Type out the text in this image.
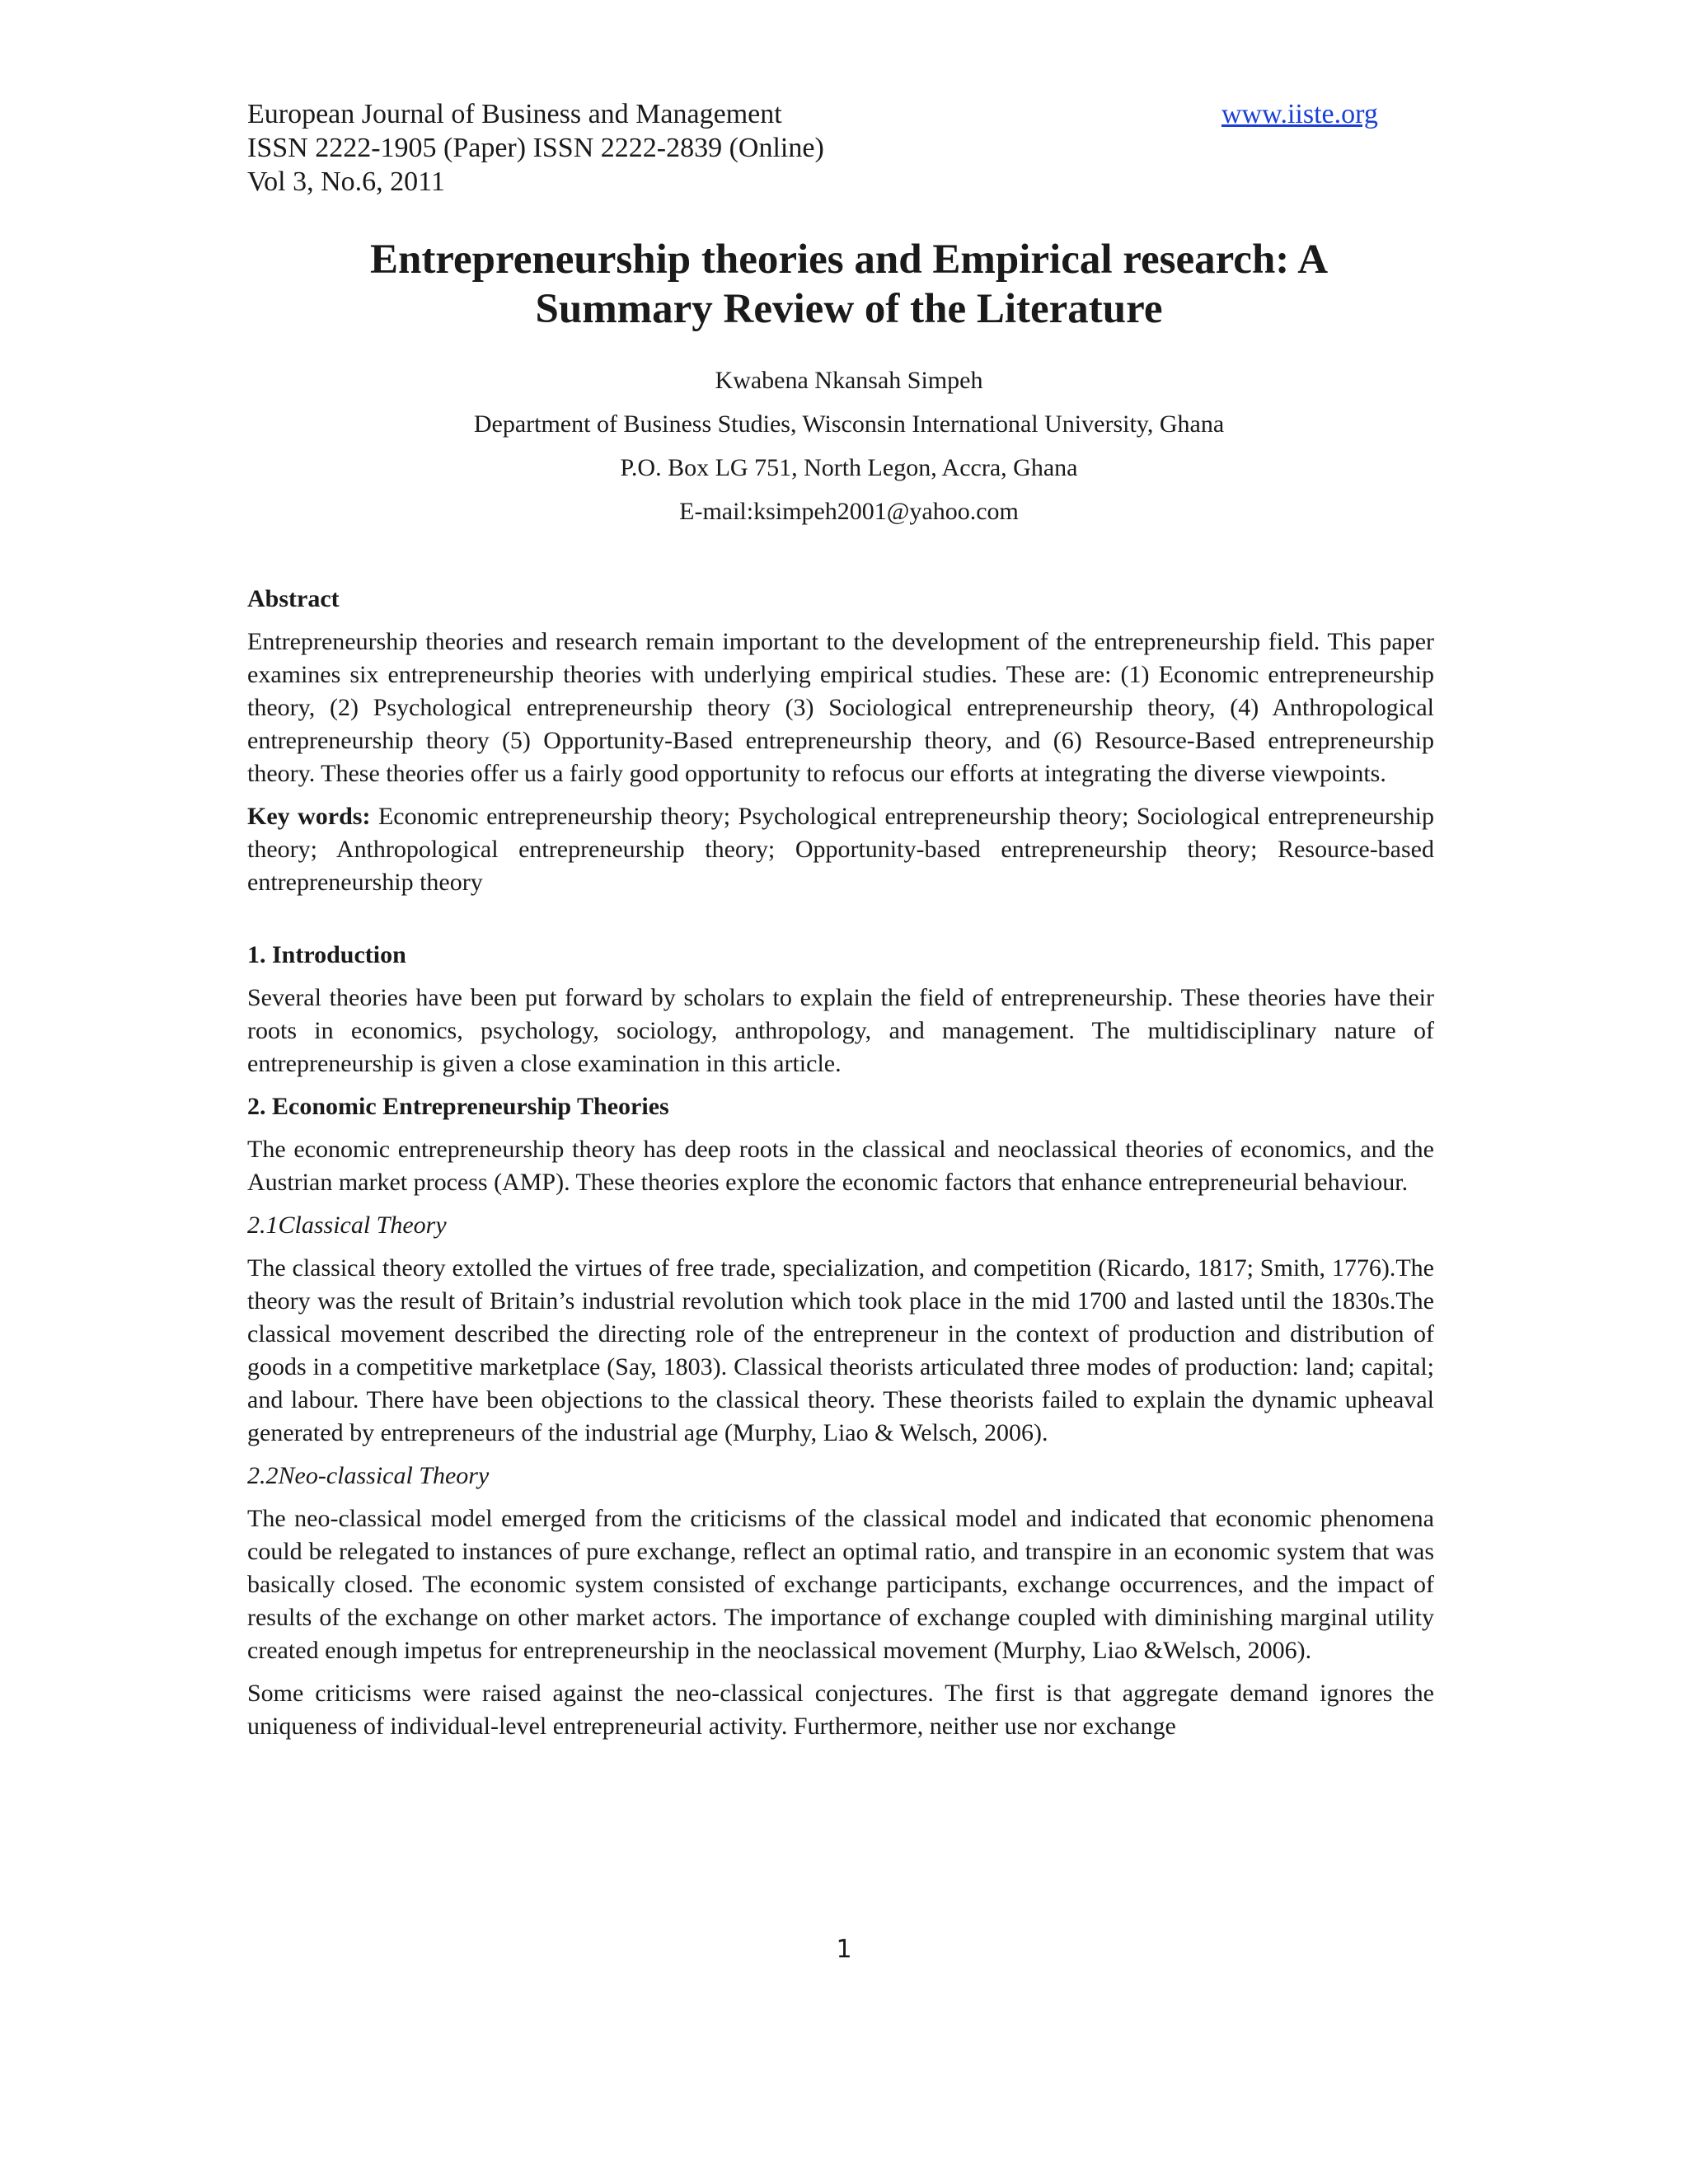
European Journal of Business and Management	www.iiste.org
ISSN 2222-1905 (Paper) ISSN 2222-2839 (Online)
Vol 3, No.6, 2011
Entrepreneurship theories and Empirical research: A
Summary Review of the Literature
Kwabena Nkansah Simpeh
Department of Business Studies, Wisconsin International University, Ghana
P.O. Box LG 751, North Legon, Accra, Ghana
E-mail:ksimpeh2001@yahoo.com
Abstract

Entrepreneurship theories and research remain important to the development of the entrepreneurship field. This paper examines six entrepreneurship theories with underlying empirical studies. These are: (1) Economic entrepreneurship theory, (2) Psychological entrepreneurship theory (3) Sociological entrepreneurship theory, (4) Anthropological entrepreneurship theory (5) Opportunity-Based entrepreneurship theory, and (6) Resource-Based entrepreneurship theory. These theories offer us a fairly good opportunity to refocus our efforts at integrating the diverse viewpoints.

Key words: Economic entrepreneurship theory; Psychological entrepreneurship theory; Sociological entrepreneurship theory; Anthropological entrepreneurship theory; Opportunity-based entrepreneurship theory; Resource-based entrepreneurship theory

1. Introduction

Several theories have been put forward by scholars to explain the field of entrepreneurship. These theories have their roots in economics, psychology, sociology, anthropology, and management. The multidisciplinary nature of entrepreneurship is given a close examination in this article.

2. Economic Entrepreneurship Theories

The economic entrepreneurship theory has deep roots in the classical and neoclassical theories of economics, and the Austrian market process (AMP). These theories explore the economic factors that enhance entrepreneurial behaviour.

2.1Classical Theory

The classical theory extolled the virtues of free trade, specialization, and competition (Ricardo, 1817; Smith, 1776).The theory was the result of Britain’s industrial revolution which took place in the mid 1700 and lasted until the 1830s.The classical movement described the directing role of the entrepreneur in the context of production and distribution of goods in a competitive marketplace (Say, 1803). Classical theorists articulated three modes of production: land; capital; and labour. There have been objections to the classical theory. These theorists failed to explain the dynamic upheaval generated by entrepreneurs of the industrial age (Murphy, Liao & Welsch, 2006).

2.2Neo-classical Theory

The neo-classical model emerged from the criticisms of the classical model and indicated that economic phenomena could be relegated to instances of pure exchange, reflect an optimal ratio, and transpire in an economic system that was basically closed. The economic system consisted of exchange participants, exchange occurrences, and the impact of results of the exchange on other market actors. The importance of exchange coupled with diminishing marginal utility created enough impetus for entrepreneurship in the neoclassical movement (Murphy, Liao &Welsch, 2006).

Some criticisms were raised against the neo-classical conjectures. The first is that aggregate demand ignores the uniqueness of individual-level entrepreneurial activity. Furthermore, neither use nor exchange

1
